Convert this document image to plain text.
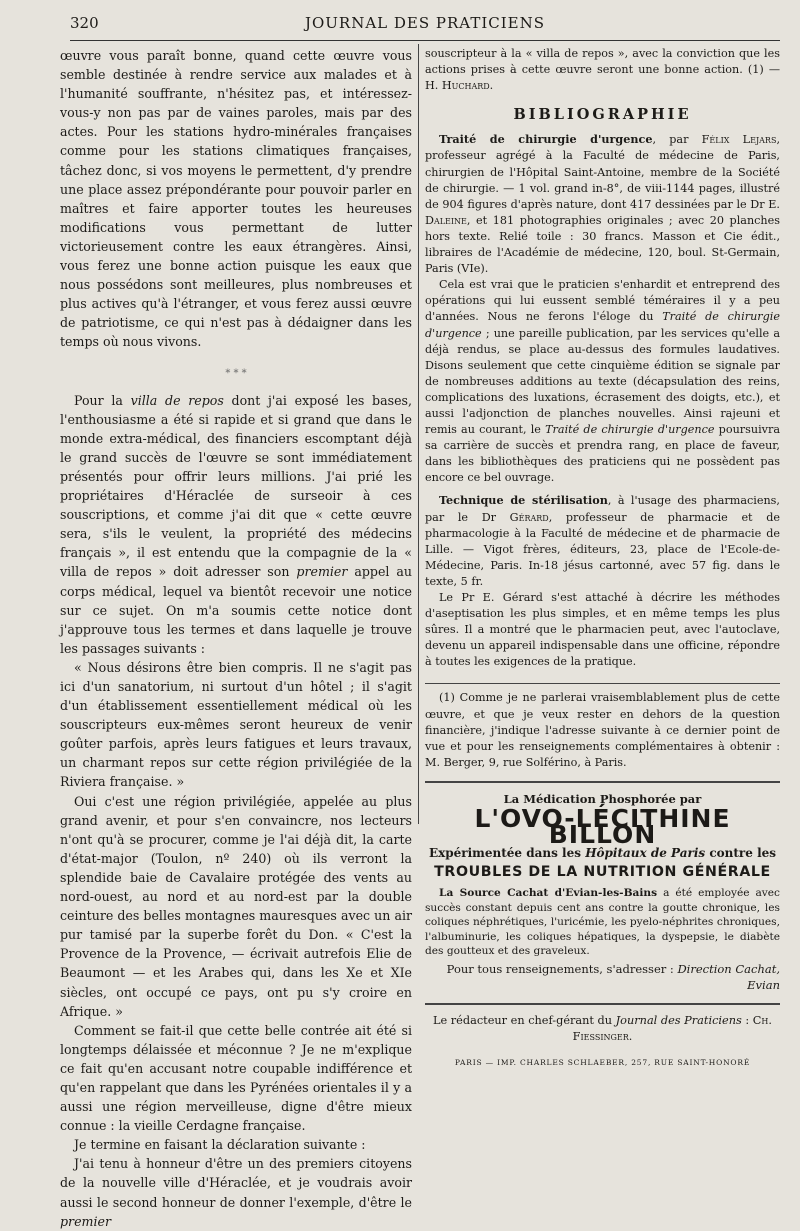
320	JOURNAL DES PRATICIENS

œuvre vous paraît bonne, quand cette œuvre vous semble destinée à rendre service aux malades et à l'humanité souffrante, n'hésitez pas, et intéressez-vous-y non pas par de vaines paroles, mais par des actes. Pour les stations hydro-minérales françaises comme pour les stations climatiques françaises, tâchez donc, si vos moyens le permettent, d'y prendre une place assez prépondérante pour pouvoir parler en maîtres et faire apporter toutes les heureuses modifications vous permettant de lutter victorieusement contre les eaux étrangères. Ainsi, vous ferez une bonne action puisque les eaux que nous possédons sont meilleures, plus nombreuses et plus actives qu'à l'étranger, et vous ferez aussi œuvre de patriotisme, ce qui n'est pas à dédaigner dans les temps où nous vivons.

* * *

Pour la villa de repos dont j'ai exposé les bases, l'enthousiasme a été si rapide et si grand que dans le monde extra-médical, des financiers escomptant déjà le grand succès de l'œuvre se sont immédiatement présentés pour offrir leurs millions. J'ai prié les propriétaires d'Héraclée de surseoir à ces souscriptions, et comme j'ai dit que « cette œuvre sera, s'ils le veulent, la propriété des médecins français », il est entendu que la compagnie de la « villa de repos » doit adresser son premier appel au corps médical, lequel va bientôt recevoir une notice sur ce sujet. On m'a soumis cette notice dont j'approuve tous les termes et dans laquelle je trouve les passages suivants :

« Nous désirons être bien compris. Il ne s'agit pas ici d'un sanatorium, ni surtout d'un hôtel ; il s'agit d'un établissement essentiellement médical où les souscripteurs eux-mêmes seront heureux de venir goûter parfois, après leurs fatigues et leurs travaux, un charmant repos sur cette région privilégiée de la Riviera française. »

Oui c'est une région privilégiée, appelée au plus grand avenir, et pour s'en convaincre, nos lecteurs n'ont qu'à se procurer, comme je l'ai déjà dit, la carte d'état-major (Toulon, nº 240) où ils verront la splendide baie de Cavalaire protégée des vents au nord-ouest, au nord et au nord-est par la double ceinture des belles montagnes mauresques avec un air pur tamisé par la superbe forêt du Don. « C'est la Provence de la Provence, — écrivait autrefois Elie de Beaumont — et les Arabes qui, dans les Xe et XIe siècles, ont occupé ce pays, ont pu s'y croire en Afrique. »

Comment se fait-il que cette belle contrée ait été si longtemps délaissée et méconnue ? Je ne m'explique ce fait qu'en accusant notre coupable indifférence et qu'en rappelant que dans les Pyrénées orientales il y a aussi une région merveilleuse, digne d'être mieux connue : la vieille Cerdagne française.

Je termine en faisant la déclaration suivante :

J'ai tenu à honneur d'être un des premiers citoyens de la nouvelle ville d'Héraclée, et je voudrais avoir aussi le second honneur de donner l'exemple, d'être le premier

souscripteur à la « villa de repos », avec la conviction que les actions prises à cette œuvre seront une bonne action. (1) — H. Huchard.

BIBLIOGRAPHIE

Traité de chirurgie d'urgence, par Félix Lejars, professeur agrégé à la Faculté de médecine de Paris, chirurgien de l'Hôpital Saint-Antoine, membre de la Société de chirurgie. — 1 vol. grand in-8°, de viii-1144 pages, illustré de 904 figures d'après nature, dont 417 dessinées par le Dr E. Daleine, et 181 photographies originales ; avec 20 planches hors texte. Relié toile : 30 francs. Masson et Cie édit., libraires de l'Académie de médecine, 120, boul. St-Germain, Paris (VIe).

Cela est vrai que le praticien s'enhardit et entreprend des opérations qui lui eussent semblé téméraires il y a peu d'années. Nous ne ferons l'éloge du Traité de chirurgie d'urgence ; une pareille publication, par les services qu'elle a déjà rendus, se place au-dessus des formules laudatives. Disons seulement que cette cinquième édition se signale par de nombreuses additions au texte (décapsulation des reins, complications des luxations, écrasement des doigts, etc.), et aussi l'adjonction de planches nouvelles. Ainsi rajeuni et remis au courant, le Traité de chirurgie d'urgence poursuivra sa carrière de succès et prendra rang, en place de faveur, dans les bibliothèques des praticiens qui ne possèdent pas encore ce bel ouvrage.

Technique de stérilisation, à l'usage des pharmaciens, par le Dr Gérard, professeur de pharmacie et de pharmacologie à la Faculté de médecine et de pharmacie de Lille. — Vigot frères, éditeurs, 23, place de l'Ecole-de-Médecine, Paris. In-18 jésus cartonné, avec 57 fig. dans le texte, 5 fr.

Le Pr E. Gérard s'est attaché à décrire les méthodes d'aseptisation les plus simples, et en même temps les plus sûres. Il a montré que le pharmacien peut, avec l'autoclave, devenu un appareil indispensable dans une officine, répondre à toutes les exigences de la pratique.

(1) Comme je ne parlerai vraisemblablement plus de cette œuvre, et que je veux rester en dehors de la question financière, j'indique l'adresse suivante à ce dernier point de vue et pour les renseignements complémentaires à obtenir : M. Berger, 9, rue Solférino, à Paris.

La Médication Phosphorée par
L'OVO-LÉCITHINE BILLON
Expérimentée dans les Hôpitaux de Paris contre les
TROUBLES DE LA NUTRITION GÉNÉRALE

La Source Cachat d'Evian-les-Bains a été employée avec succès constant depuis cent ans contre la goutte chronique, les coliques néphrétiques, l'uricémie, les pyelo-néphrites chroniques, l'albuminurie, les coliques hépatiques, la dyspepsie, le diabète des goutteux et des graveleux.

Pour tous renseignements, s'adresser : Direction Cachat, Evian
Le rédacteur en chef-gérant du Journal des Praticiens : Ch. Fiessinger.
PARIS — IMP. CHARLES SCHLAEBER, 257, RUE SAINT-HONORÉ
